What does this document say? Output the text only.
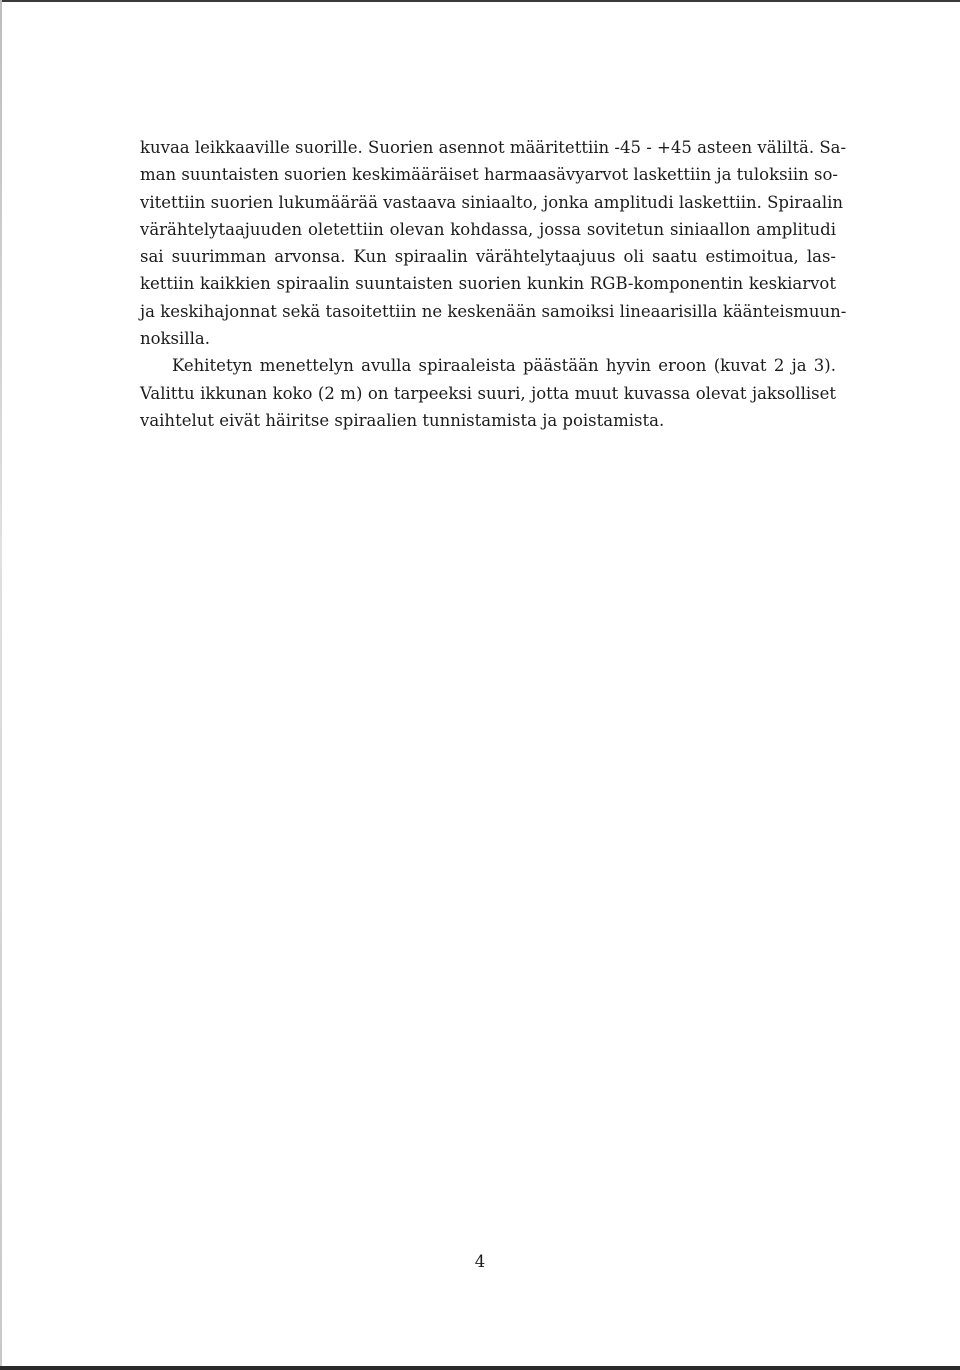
kuvaa leikkaaville suorille. Suorien asennot määritettiin -45 - +45 asteen väliltä. Sa-
man suuntaisten suorien keskimääräiset harmaasävyarvot laskettiin ja tuloksiin so-
vitettiin suorien lukumäärää vastaava siniaalto, jonka amplitudi laskettiin. Spiraalin
värähtelytaajuuden oletettiin olevan kohdassa, jossa sovitetun siniaallon amplitudi
sai suurimman arvonsa. Kun spiraalin värähtelytaajuus oli saatu estimoitua, las-
kettiin kaikkien spiraalin suuntaisten suorien kunkin RGB-komponentin keskiarvot
ja keskihajonnat sekä tasoitettiin ne keskenään samoiksi lineaarisilla käänteismuun-
noksilla.
Kehitetyn menettelyn avulla spiraaleista päästään hyvin eroon (kuvat 2 ja 3).
Valittu ikkunan koko (2 m) on tarpeeksi suuri, jotta muut kuvassa olevat jaksolliset
vaihtelut eivät häiritse spiraalien tunnistamista ja poistamista.
4
